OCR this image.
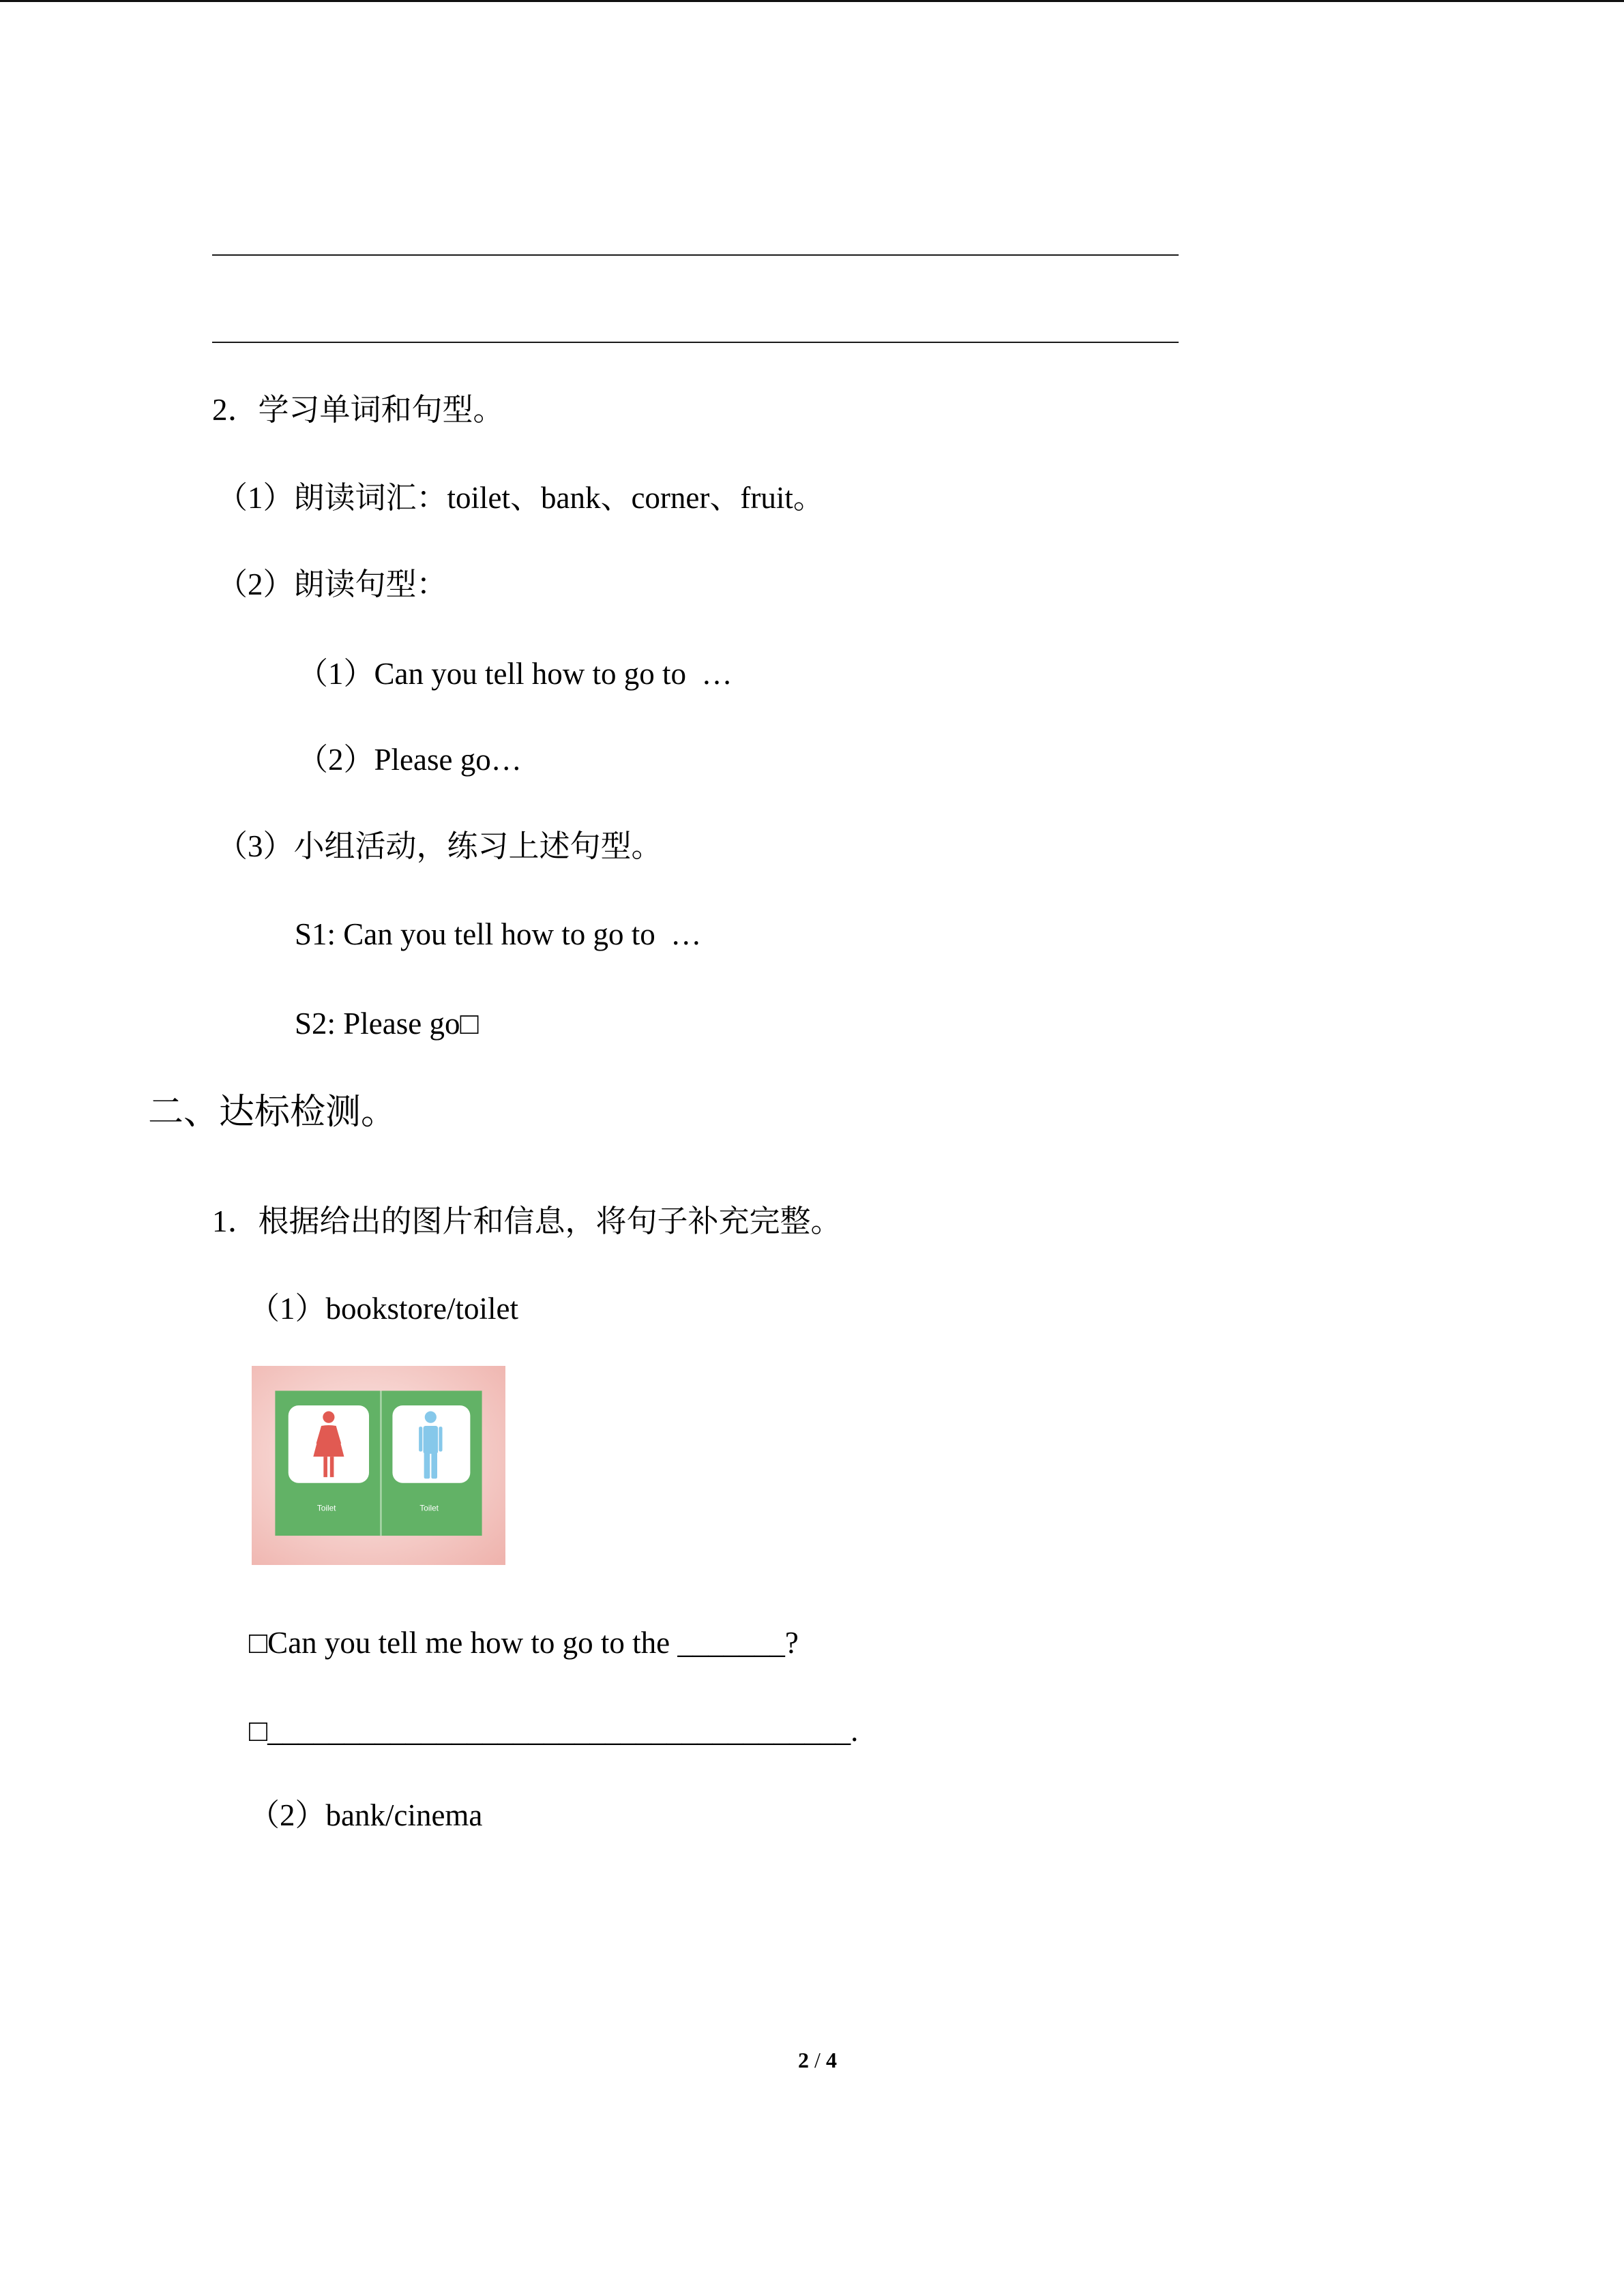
2．学习单词和句型。
（1）朗读词汇：toilet、bank、corner、fruit。
（2）朗读句型：
（1）Can you tell how to go to  …
（2）Please go…
（3）小组活动，练习上述句型。
S1: Can you tell how to go to  …
S2: Please go□
二、达标检测。
1．根据给出的图片和信息，将句子补充完整。
（1）bookstore/toilet
Toilet	Toilet
□Can you tell me how to go to the _______?
□______________________________________.
（2）bank/cinema
2 / 4
